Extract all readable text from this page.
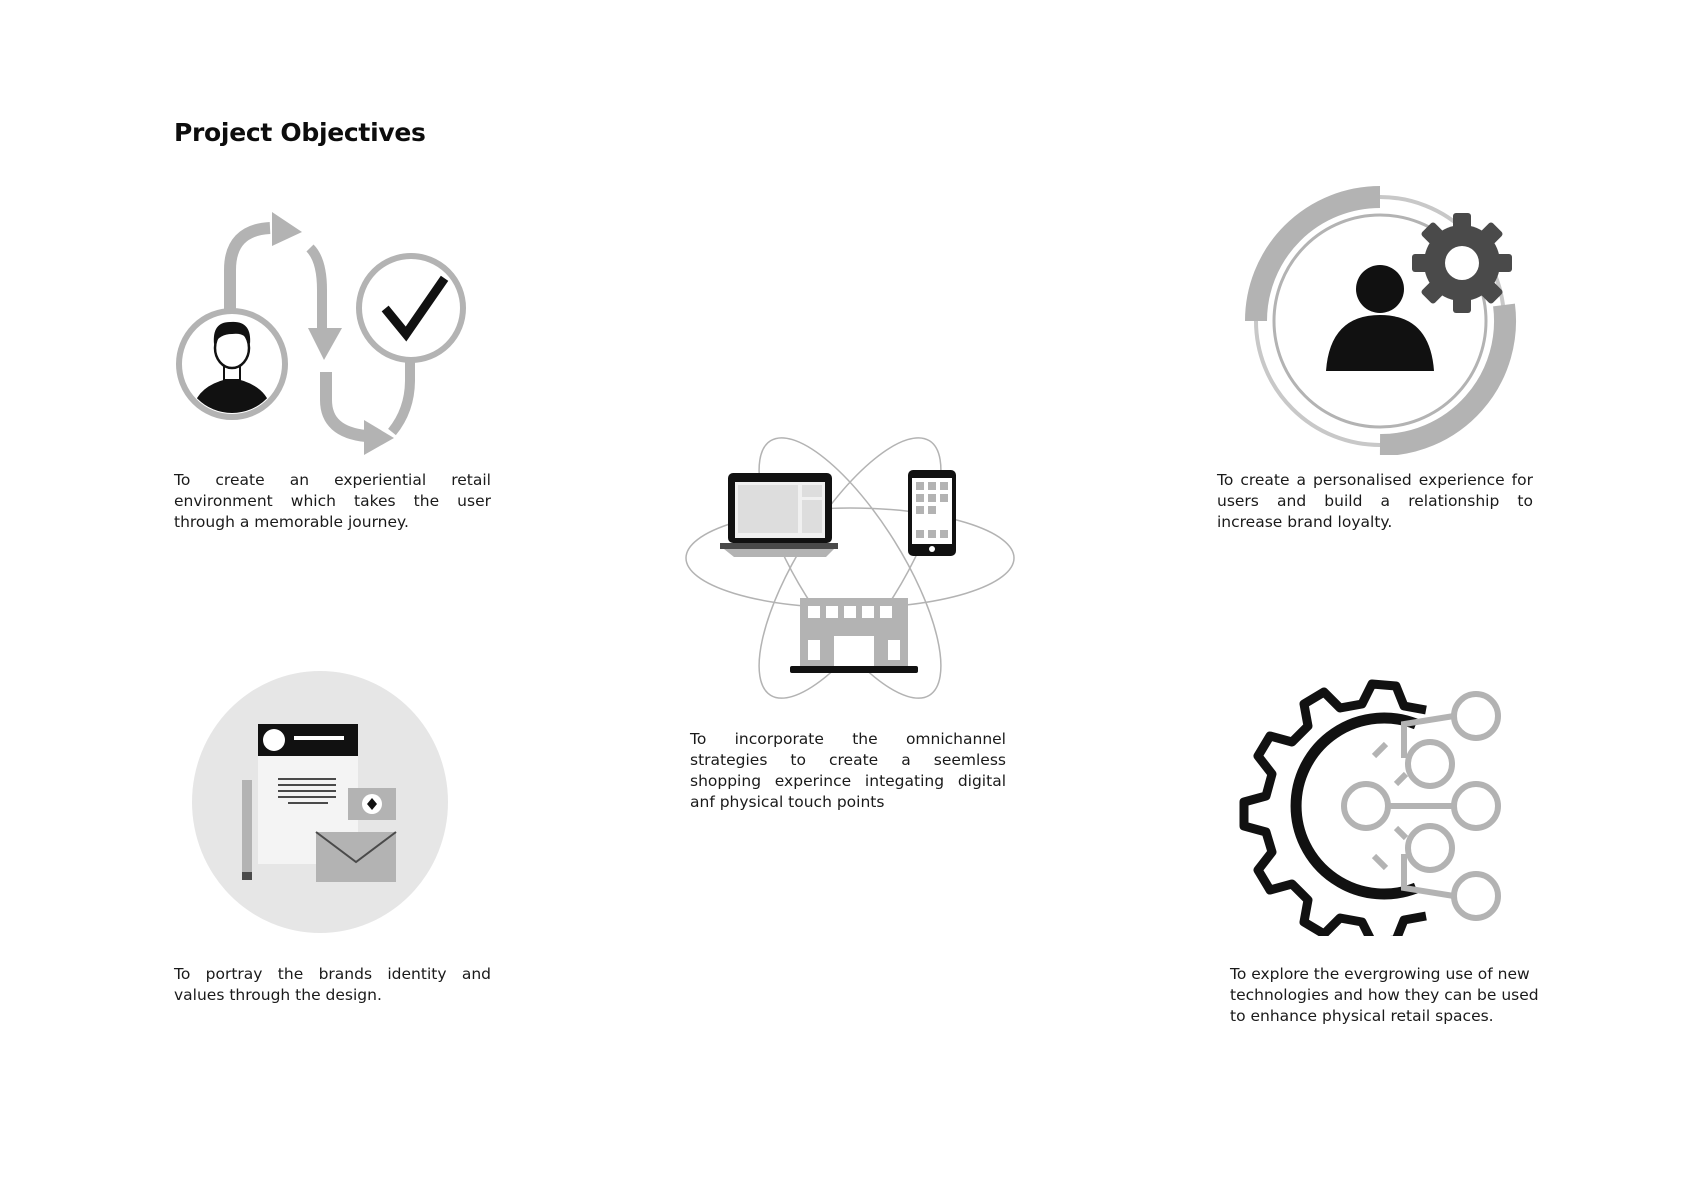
Project Objectives

To create an experiential retail environment which takes the user through a memorable journey.

To incorporate the omnichannel strategies to create a seemless shopping experince integating digital anf physical touch points

To create a personalised experience for users and build a relationship to increase brand loyalty.

To portray the brands identity and values through the design.

To explore the evergrowing use of new technologies and how they can be used to enhance physical retail spaces.
